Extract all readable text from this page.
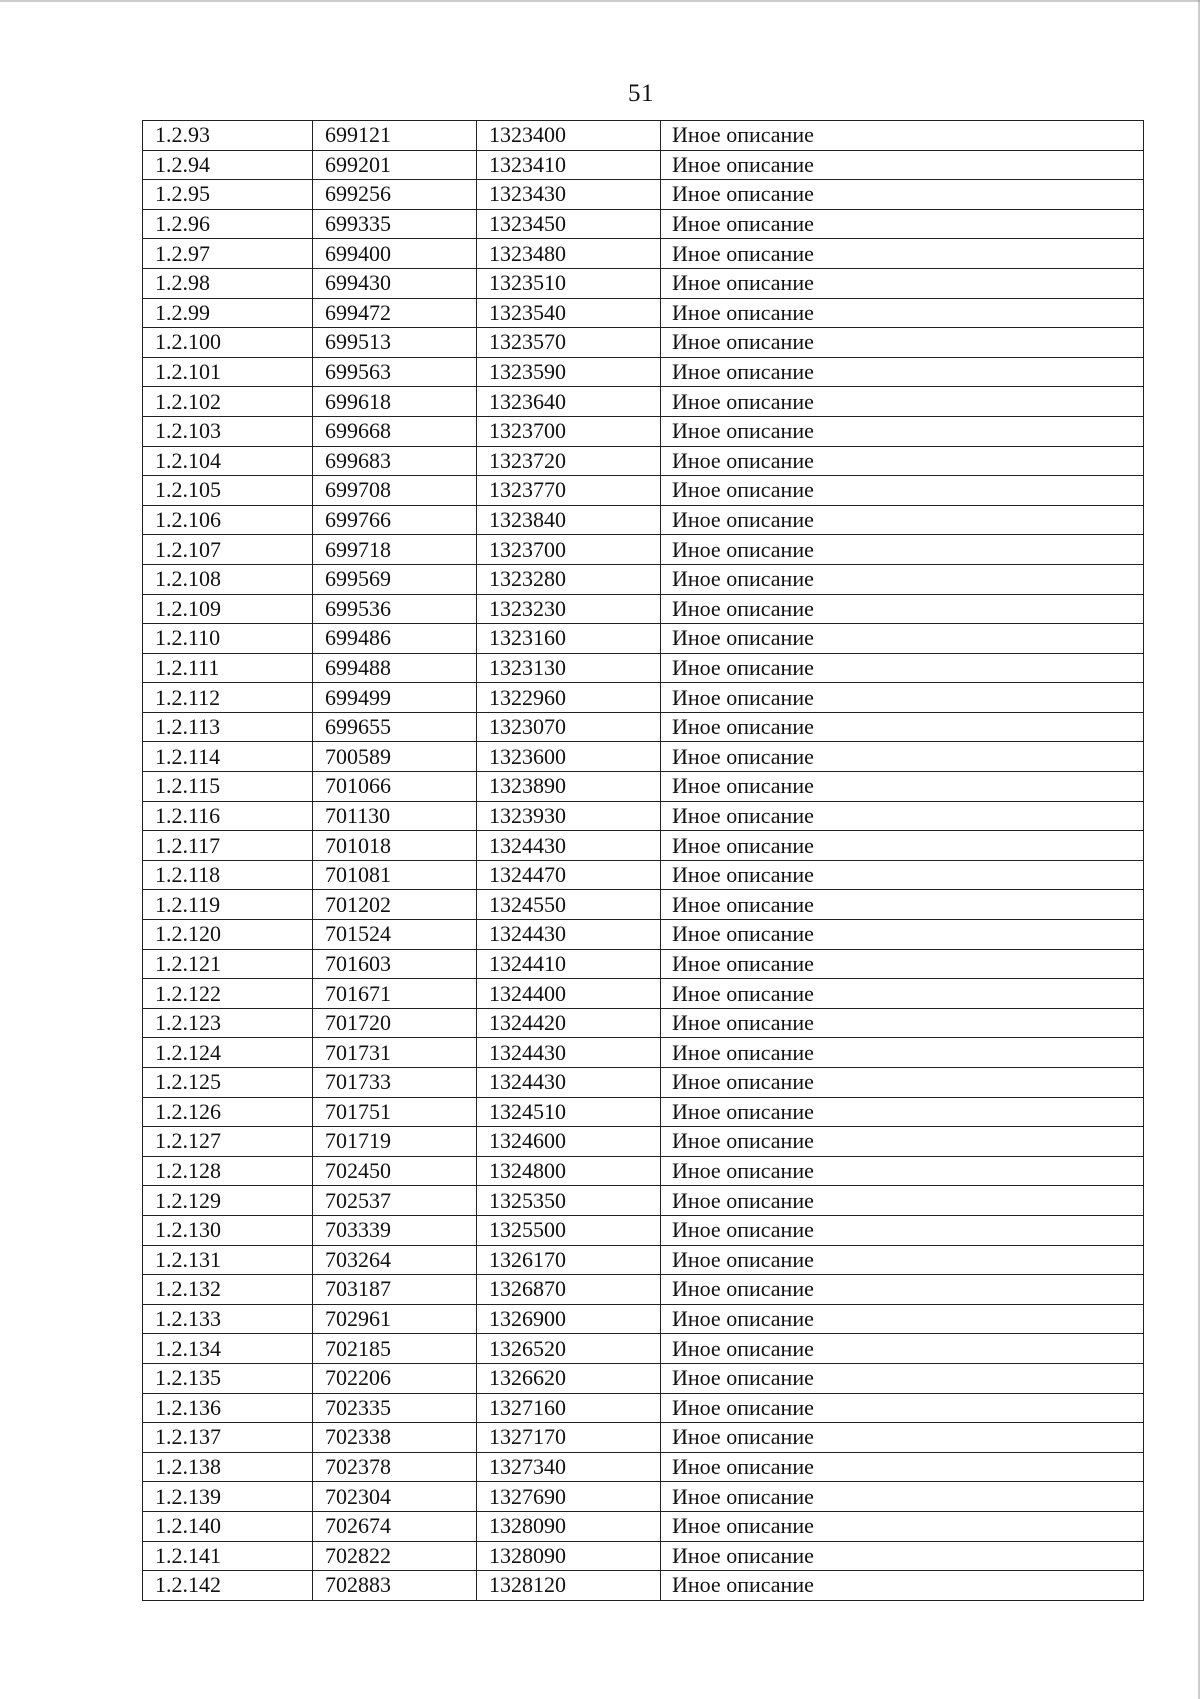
51
1.2.93	699121	1323400	Иное описание
1.2.94	699201	1323410	Иное описание
1.2.95	699256	1323430	Иное описание
1.2.96	699335	1323450	Иное описание
1.2.97	699400	1323480	Иное описание
1.2.98	699430	1323510	Иное описание
1.2.99	699472	1323540	Иное описание
1.2.100	699513	1323570	Иное описание
1.2.101	699563	1323590	Иное описание
1.2.102	699618	1323640	Иное описание
1.2.103	699668	1323700	Иное описание
1.2.104	699683	1323720	Иное описание
1.2.105	699708	1323770	Иное описание
1.2.106	699766	1323840	Иное описание
1.2.107	699718	1323700	Иное описание
1.2.108	699569	1323280	Иное описание
1.2.109	699536	1323230	Иное описание
1.2.110	699486	1323160	Иное описание
1.2.111	699488	1323130	Иное описание
1.2.112	699499	1322960	Иное описание
1.2.113	699655	1323070	Иное описание
1.2.114	700589	1323600	Иное описание
1.2.115	701066	1323890	Иное описание
1.2.116	701130	1323930	Иное описание
1.2.117	701018	1324430	Иное описание
1.2.118	701081	1324470	Иное описание
1.2.119	701202	1324550	Иное описание
1.2.120	701524	1324430	Иное описание
1.2.121	701603	1324410	Иное описание
1.2.122	701671	1324400	Иное описание
1.2.123	701720	1324420	Иное описание
1.2.124	701731	1324430	Иное описание
1.2.125	701733	1324430	Иное описание
1.2.126	701751	1324510	Иное описание
1.2.127	701719	1324600	Иное описание
1.2.128	702450	1324800	Иное описание
1.2.129	702537	1325350	Иное описание
1.2.130	703339	1325500	Иное описание
1.2.131	703264	1326170	Иное описание
1.2.132	703187	1326870	Иное описание
1.2.133	702961	1326900	Иное описание
1.2.134	702185	1326520	Иное описание
1.2.135	702206	1326620	Иное описание
1.2.136	702335	1327160	Иное описание
1.2.137	702338	1327170	Иное описание
1.2.138	702378	1327340	Иное описание
1.2.139	702304	1327690	Иное описание
1.2.140	702674	1328090	Иное описание
1.2.141	702822	1328090	Иное описание
1.2.142	702883	1328120	Иное описание
